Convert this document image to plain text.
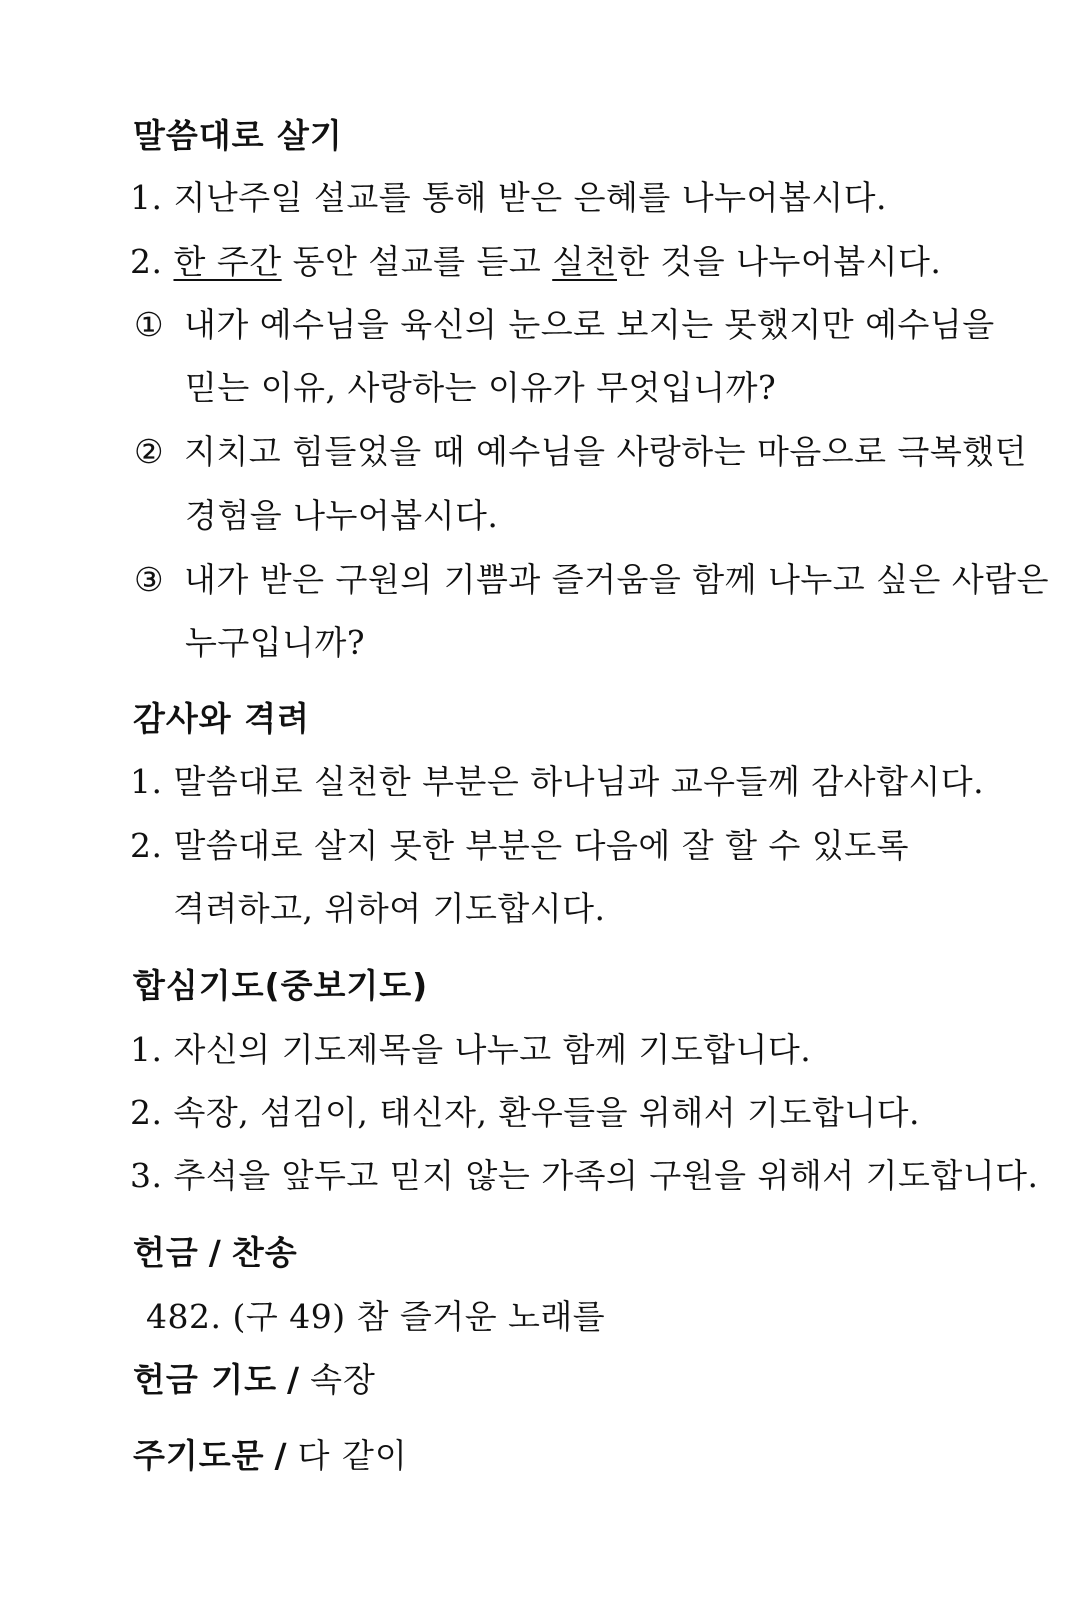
말씀대로 살기
1. 지난주일 설교를 통해 받은 은혜를 나누어봅시다.
2. 한 주간 동안 설교를 듣고 실천한 것을 나누어봅시다.
① 내가 예수님을 육신의 눈으로 보지는 못했지만 예수님을
믿는 이유, 사랑하는 이유가 무엇입니까?
② 지치고 힘들었을 때 예수님을 사랑하는 마음으로 극복했던
경험을 나누어봅시다.
③ 내가 받은 구원의 기쁨과 즐거움을 함께 나누고 싶은 사람은
누구입니까?
감사와 격려
1. 말씀대로 실천한 부분은 하나님과 교우들께 감사합시다.
2. 말씀대로 살지 못한 부분은 다음에 잘 할 수 있도록
격려하고, 위하여 기도합시다.
합심기도(중보기도)
1. 자신의 기도제목을 나누고 함께 기도합니다.
2. 속장, 섬김이, 태신자, 환우들을 위해서 기도합니다.
3. 추석을 앞두고 믿지 않는 가족의 구원을 위해서 기도합니다.
헌금 / 찬송
482. (구 49) 참 즐거운 노래를
헌금 기도 / 속장
주기도문 / 다 같이
